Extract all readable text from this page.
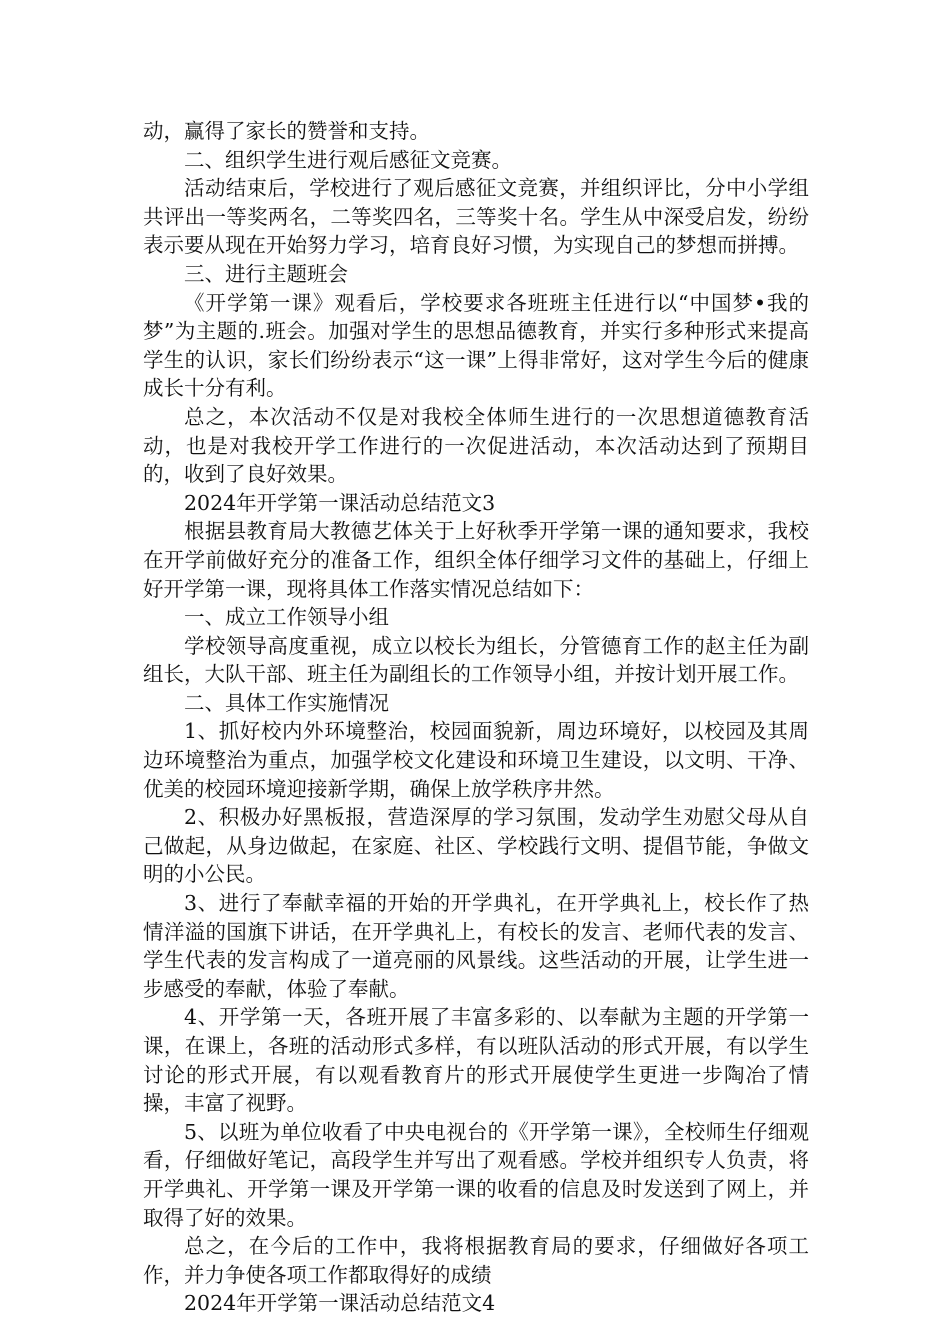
动，赢得了家长的赞誉和支持。

二、组织学生进行观后感征文竞赛。

活动结束后，学校进行了观后感征文竞赛，并组织评比，分中小学组共评出一等奖两名，二等奖四名，三等奖十名。学生从中深受启发，纷纷表示要从现在开始努力学习，培育良好习惯，为实现自己的梦想而拼搏。

三、进行主题班会

《开学第一课》观看后，学校要求各班班主任进行以“中国梦•我的梦”为主题的.班会。加强对学生的思想品德教育，并实行多种形式来提高学生的认识，家长们纷纷表示“这一课”上得非常好，这对学生今后的健康成长十分有利。

总之，本次活动不仅是对我校全体师生进行的一次思想道德教育活动，也是对我校开学工作进行的一次促进活动，本次活动达到了预期目的，收到了良好效果。

2024年开学第一课活动总结范文3

根据县教育局大教德艺体关于上好秋季开学第一课的通知要求，我校在开学前做好充分的准备工作，组织全体仔细学习文件的基础上，仔细上好开学第一课，现将具体工作落实情况总结如下：

一、成立工作领导小组

学校领导高度重视，成立以校长为组长，分管德育工作的赵主任为副组长，大队干部、班主任为副组长的工作领导小组，并按计划开展工作。

二、具体工作实施情况

1、抓好校内外环境整治，校园面貌新，周边环境好，以校园及其周边环境整治为重点，加强学校文化建设和环境卫生建设，以文明、干净、优美的校园环境迎接新学期，确保上放学秩序井然。

2、积极办好黑板报，营造深厚的学习氛围，发动学生劝慰父母从自己做起，从身边做起，在家庭、社区、学校践行文明、提倡节能，争做文明的小公民。

3、进行了奉献幸福的开始的开学典礼，在开学典礼上，校长作了热情洋溢的国旗下讲话，在开学典礼上，有校长的发言、老师代表的发言、学生代表的发言构成了一道亮丽的风景线。这些活动的开展，让学生进一步感受的奉献，体验了奉献。

4、开学第一天，各班开展了丰富多彩的、以奉献为主题的开学第一课，在课上，各班的活动形式多样，有以班队活动的形式开展，有以学生讨论的形式开展，有以观看教育片的形式开展使学生更进一步陶冶了情操，丰富了视野。

5、以班为单位收看了中央电视台的《开学第一课》，全校师生仔细观看，仔细做好笔记，高段学生并写出了观看感。学校并组织专人负责，将开学典礼、开学第一课及开学第一课的收看的信息及时发送到了网上，并取得了好的效果。

总之，在今后的工作中，我将根据教育局的要求，仔细做好各项工作，并力争使各项工作都取得好的成绩

2024年开学第一课活动总结范文4
